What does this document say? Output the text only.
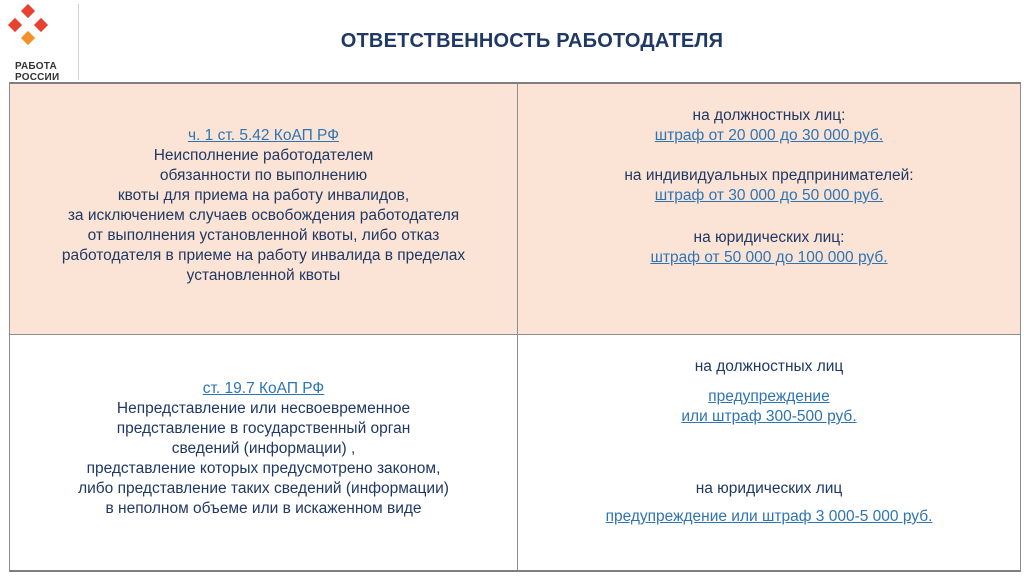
РАБОТА
РОССИИ
ОТВЕТСТВЕННОСТЬ РАБОТОДАТЕЛЯ
ч. 1 ст. 5.42 КоАП РФ
Неисполнение работодателем
обязанности по выполнению
квоты для приема на работу инвалидов,
за исключением случаев освобождения работодателя
от выполнения установленной квоты, либо отказ
работодателя в приеме на работу инвалида в пределах
установленной квоты
на должностных лиц:
штраф от 20 000 до 30 000 руб.
на индивидуальных предпринимателей:
штраф от 30 000 до 50 000 руб.
на юридических лиц:
штраф от 50 000 до 100 000 руб.
ст. 19.7 КоАП РФ
Непредставление или несвоевременное
представление в государственный орган
сведений (информации) ,
представление которых предусмотрено законом,
либо представление таких сведений (информации)
в неполном объеме или в искаженном виде
на должностных лиц
предупреждение
или штраф 300-500 руб.
на юридических лиц
предупреждение или штраф 3 000-5 000 руб.
